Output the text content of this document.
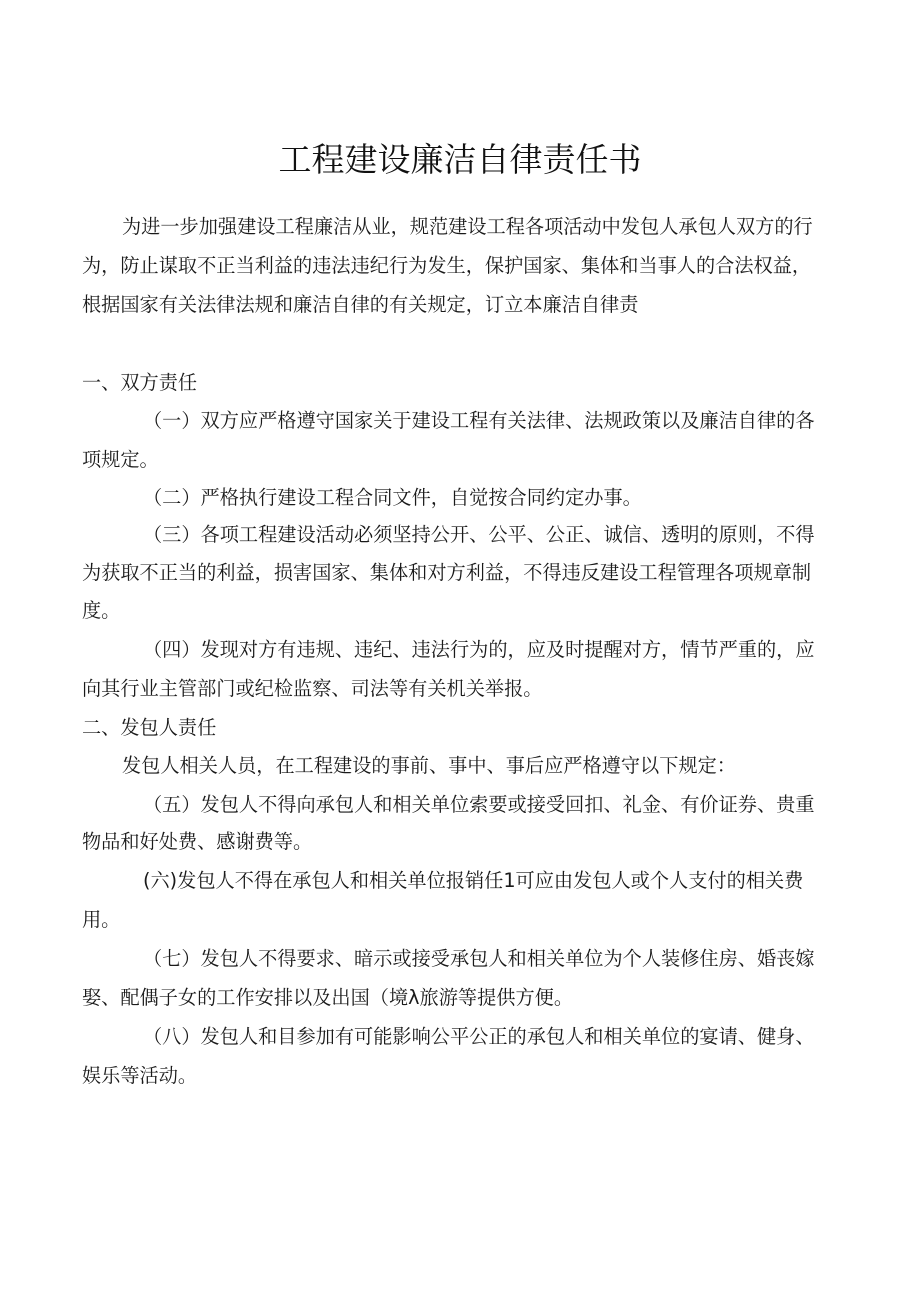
工程建设廉洁自律责任书
为进一步加强建设工程廉洁从业，规范建设工程各项活动中发包人承包人双方的行
为，防止谋取不正当利益的违法违纪行为发生，保护国家、集体和当事人的合法权益，
根据国家有关法律法规和廉洁自律的有关规定，订立本廉洁自律责
一、双方责任
（一）双方应严格遵守国家关于建设工程有关法律、法规政策以及廉洁自律的各
项规定。
（二）严格执行建设工程合同文件，自觉按合同约定办事。
（三）各项工程建设活动必须坚持公开、公平、公正、诚信、透明的原则，不得
为获取不正当的利益，损害国家、集体和对方利益，不得违反建设工程管理各项规章制
度。
（四）发现对方有违规、违纪、违法行为的，应及时提醒对方，情节严重的，应
向其行业主管部门或纪检监察、司法等有关机关举报。
二、发包人责任
发包人相关人员，在工程建设的事前、事中、事后应严格遵守以下规定：
（五）发包人不得向承包人和相关单位索要或接受回扣、礼金、有价证券、贵重
物品和好处费、感谢费等。
(六)发包人不得在承包人和相关单位报销任1可应由发包人或个人支付的相关费
用。
（七）发包人不得要求、暗示或接受承包人和相关单位为个人装修住房、婚丧嫁
娶、配偶子女的工作安排以及出国（境λ旅游等提供方便。
（八）发包人和目参加有可能影响公平公正的承包人和相关单位的宴请、健身、
娱乐等活动。
